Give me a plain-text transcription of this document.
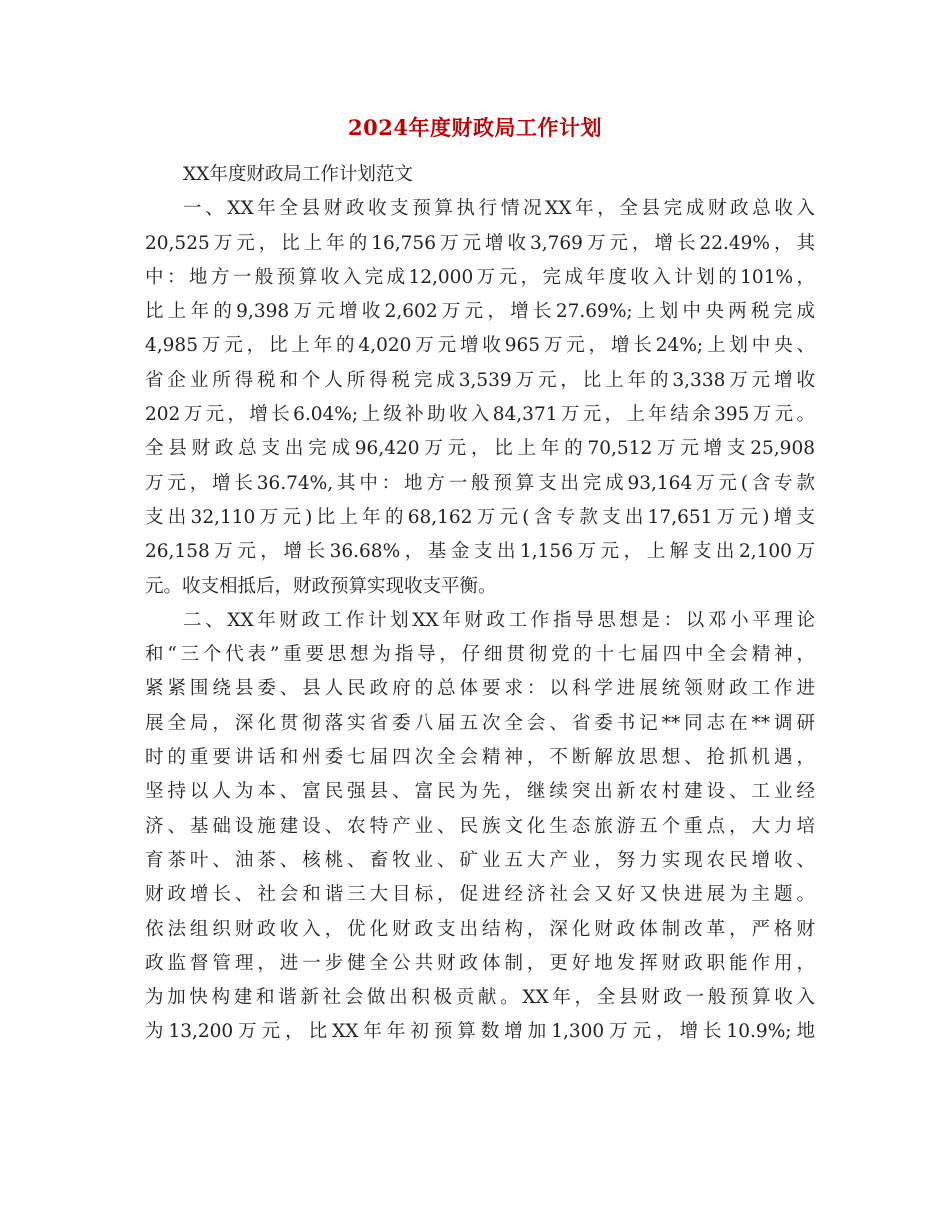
2024年度财政局工作计划
XX年度财政局工作计划范文
一、XX年全县财政收支预算执行情况XX年，全县完成财政总收入
20,525万元，比上年的16,756万元增收3,769万元，增长22.49%，其
中：地方一般预算收入完成12,000万元，完成年度收入计划的101%，
比上年的9,398万元增收2,602万元，增长27.69%;上划中央两税完成
4,985万元，比上年的4,020万元增收965万元，增长24%;上划中央、
省企业所得税和个人所得税完成3,539万元，比上年的3,338万元增收
202万元，增长6.04%;上级补助收入84,371万元，上年结余395万元。
全县财政总支出完成96,420万元，比上年的70,512万元增支25,908
万元，增长36.74%,其中：地方一般预算支出完成93,164万元(含专款
支出32,110万元)比上年的68,162万元(含专款支出17,651万元)增支
26,158万元，增长36.68%，基金支出1,156万元，上解支出2,100万
元。收支相抵后，财政预算实现收支平衡。
二、XX年财政工作计划XX年财政工作指导思想是：以邓小平理论
和“三个代表”重要思想为指导，仔细贯彻党的十七届四中全会精神，
紧紧围绕县委、县人民政府的总体要求：以科学进展统领财政工作进
展全局，深化贯彻落实省委八届五次全会、省委书记**同志在**调研
时的重要讲话和州委七届四次全会精神，不断解放思想、抢抓机遇，
坚持以人为本、富民强县、富民为先，继续突出新农村建设、工业经
济、基础设施建设、农特产业、民族文化生态旅游五个重点，大力培
育茶叶、油茶、核桃、畜牧业、矿业五大产业，努力实现农民增收、
财政增长、社会和谐三大目标，促进经济社会又好又快进展为主题。
依法组织财政收入，优化财政支出结构，深化财政体制改革，严格财
政监督管理，进一步健全公共财政体制，更好地发挥财政职能作用，
为加快构建和谐新社会做出积极贡献。XX年，全县财政一般预算收入
为13,200万元，比XX年年初预算数增加1,300万元，增长10.9%;地
